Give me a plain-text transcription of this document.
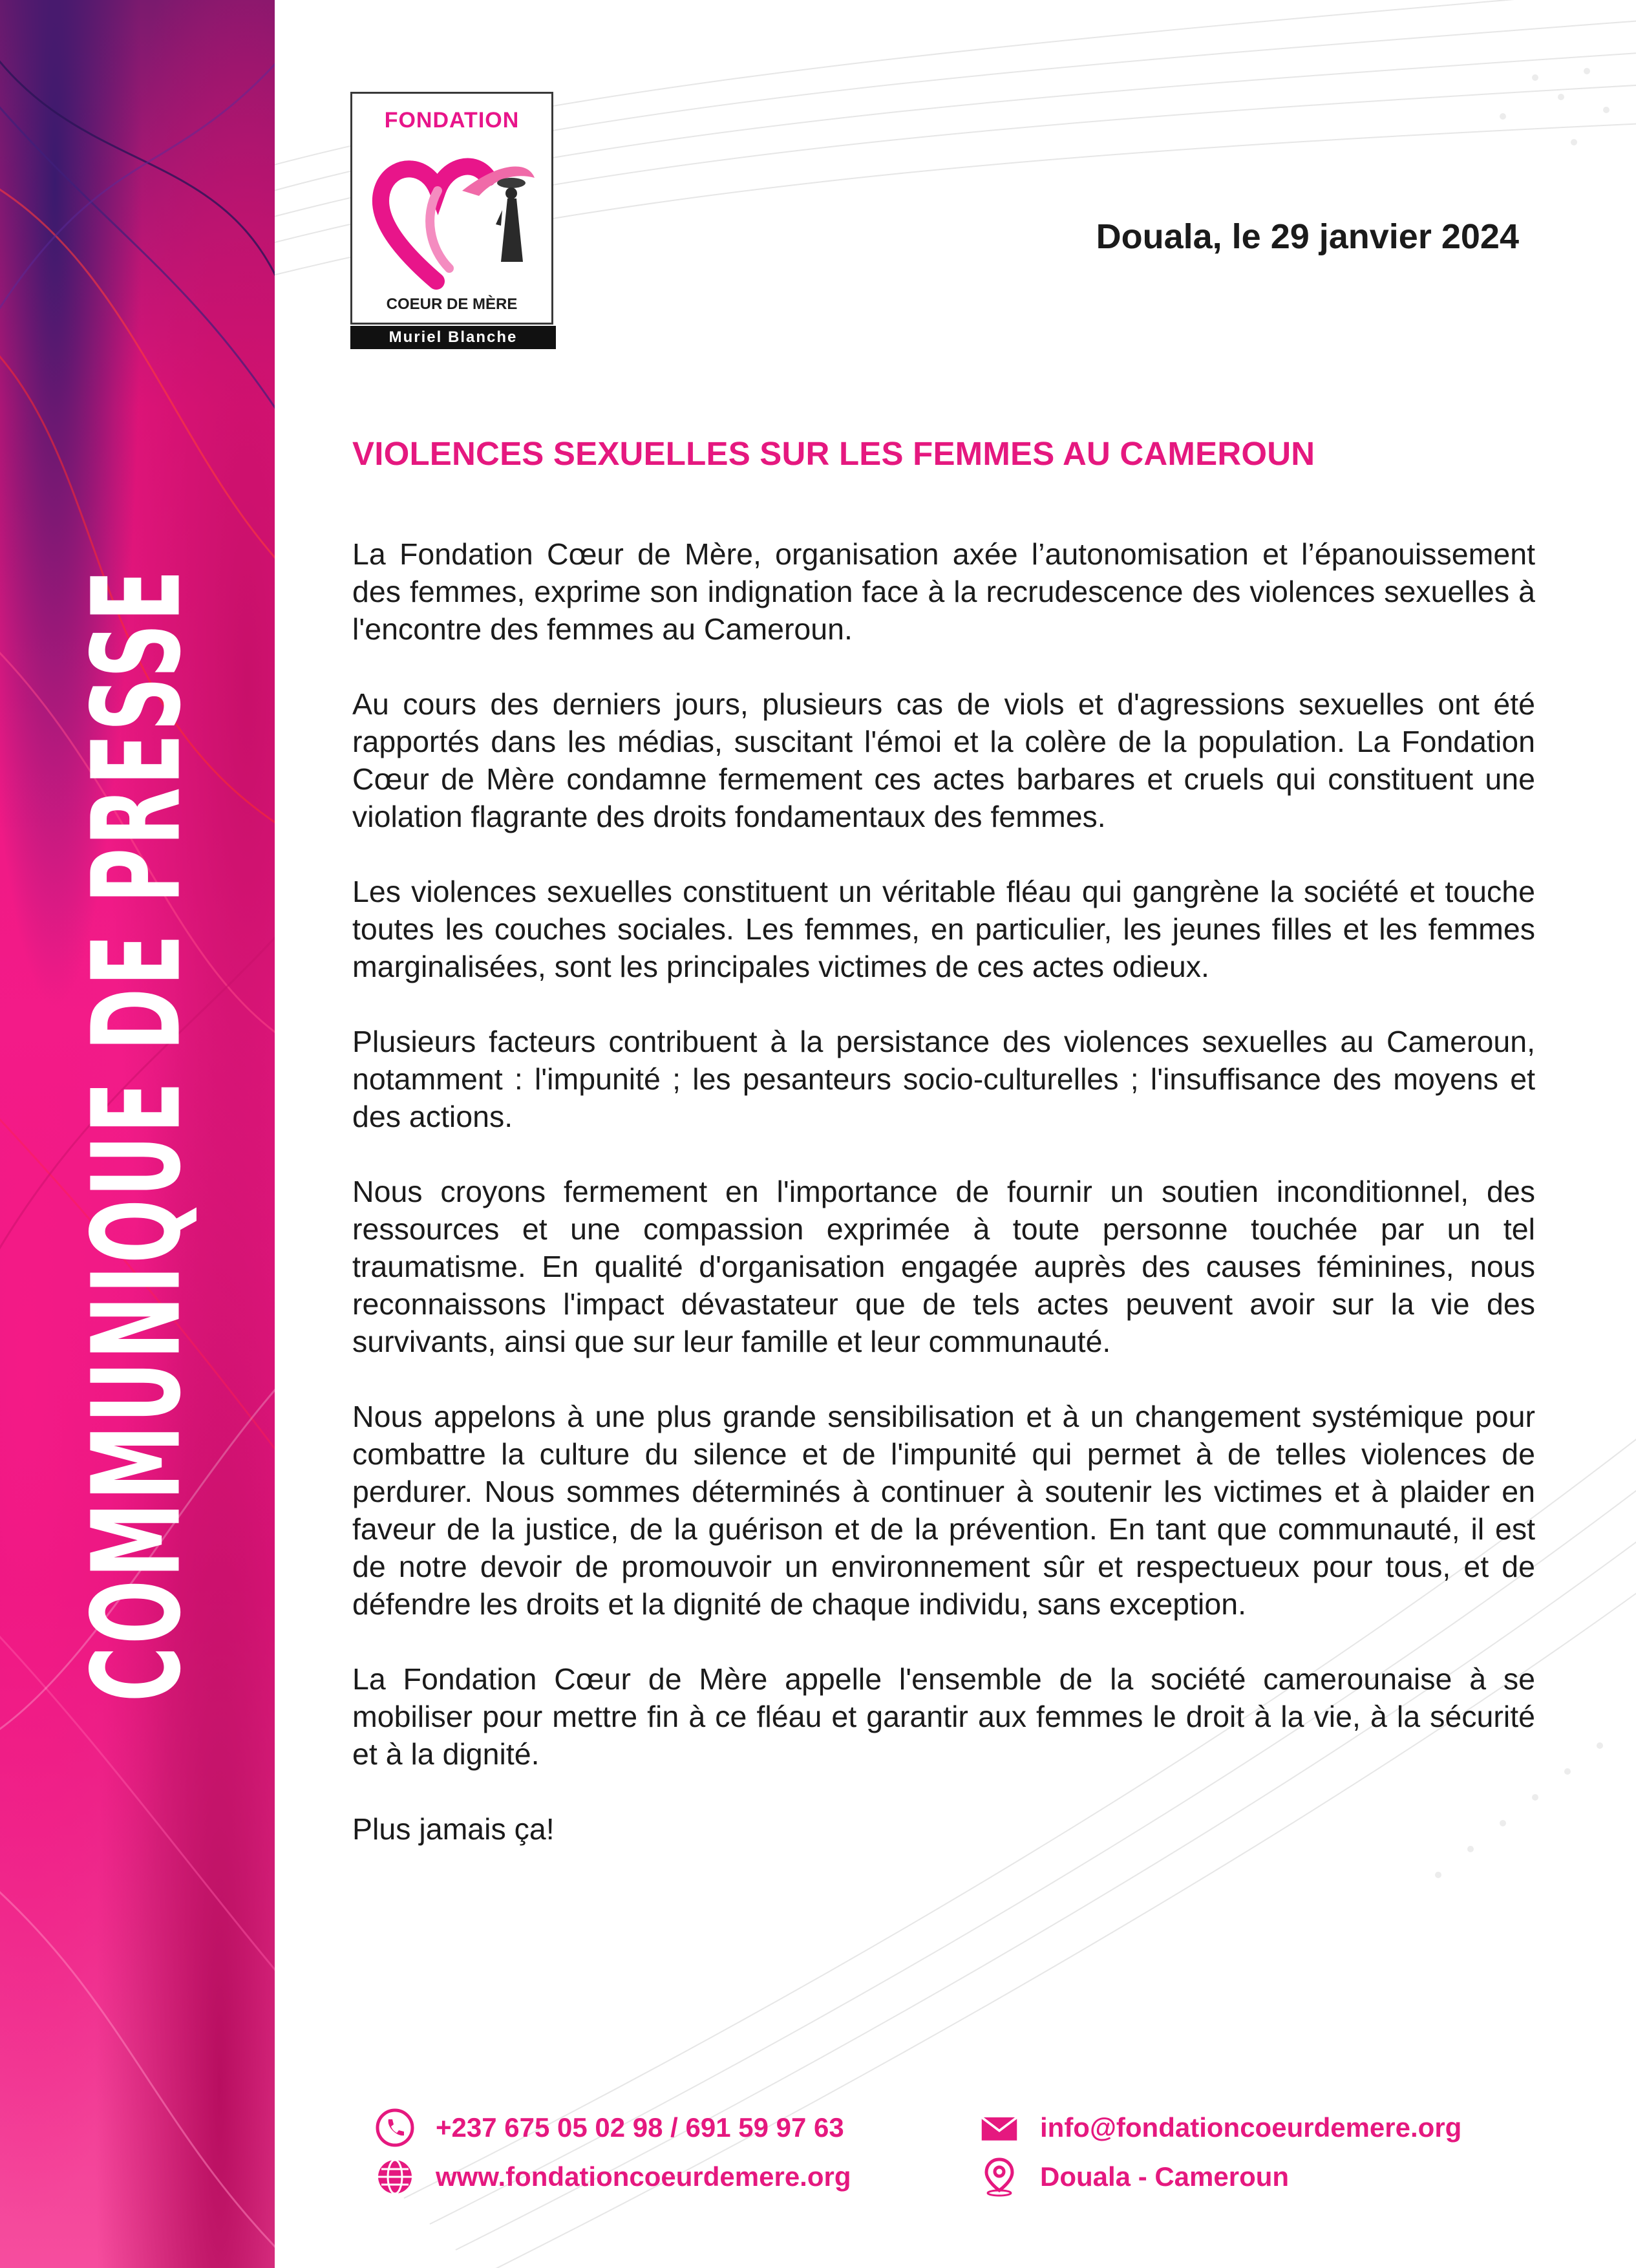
COMMUNIQUE DE PRESSE
FONDATION
COEUR DE MÈRE
Muriel Blanche
Douala, le 29 janvier 2024
VIOLENCES SEXUELLES SUR LES FEMMES AU CAMEROUN

La Fondation Cœur de Mère, organisation axée l’autonomisation et l’épanouissement des femmes, exprime son indignation face à la recrudescence des violences sexuelles à l'encontre des femmes au Cameroun.

Au cours des derniers jours, plusieurs cas de viols et d'agressions sexuelles ont été rapportés dans les médias, suscitant l'émoi et la colère de la population. La Fondation Cœur de Mère condamne fermement ces actes barbares et cruels qui constituent une violation flagrante des droits fondamentaux des femmes.

Les violences sexuelles constituent un véritable fléau qui gangrène la société et touche toutes les couches sociales. Les femmes, en particulier, les jeunes filles et les femmes marginalisées, sont les principales victimes de ces actes odieux.

Plusieurs facteurs contribuent à la persistance des violences sexuelles au Cameroun, notamment : l'impunité ; les pesanteurs socio-culturelles ; l'insuffisance des moyens et des actions.

Nous croyons fermement en l'importance de fournir un soutien inconditionnel, des ressources et une compassion exprimée à toute personne touchée par un tel traumatisme. En qualité d'organisation engagée auprès des causes féminines, nous reconnaissons l'impact dévastateur que de tels actes peuvent avoir sur la vie des survivants, ainsi que sur leur famille et leur communauté.

Nous appelons à une plus grande sensibilisation et à un changement systémique pour combattre la culture du silence et de l'impunité qui permet à de telles violences de perdurer. Nous sommes déterminés à continuer à soutenir les victimes et à plaider en faveur de la justice, de la guérison et de la prévention. En tant que communauté, il est de notre devoir de promouvoir un environnement sûr et respectueux pour tous, et de défendre les droits et la dignité de chaque individu, sans exception.

La Fondation Cœur de Mère appelle l'ensemble de la société camerounaise à se mobiliser pour mettre fin à ce fléau et garantir aux femmes le droit à la vie, à la sécurité et à la dignité.

Plus jamais ça!

+237 675 05 02 98 / 691 59 97 63
www.fondationcoeurdemere.org
info@fondationcoeurdemere.org
Douala - Cameroun
